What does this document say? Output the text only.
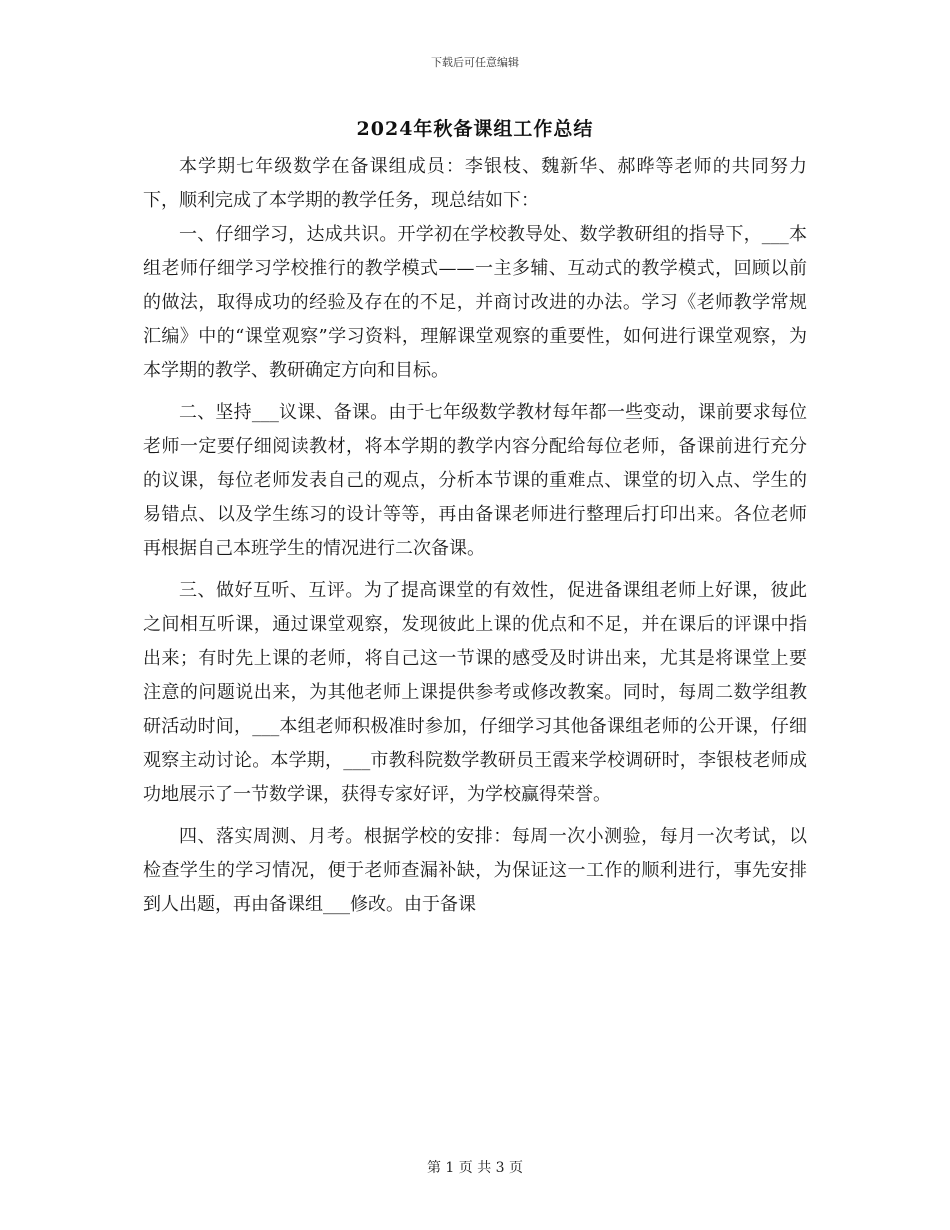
下载后可任意编辑
2024年秋备课组工作总结

本学期七年级数学在备课组成员：李银枝、魏新华、郝晔等老师的共同努力下，顺利完成了本学期的教学任务，现总结如下：

一、仔细学习，达成共识。开学初在学校教导处、数学教研组的指导下，___本组老师仔细学习学校推行的教学模式——一主多辅、互动式的教学模式，回顾以前的做法，取得成功的经验及存在的不足，并商讨改进的办法。学习《老师教学常规汇编》中的“课堂观察”学习资料，理解课堂观察的重要性，如何进行课堂观察，为本学期的教学、教研确定方向和目标。

二、坚持___议课、备课。由于七年级数学教材每年都一些变动，课前要求每位老师一定要仔细阅读教材，将本学期的教学内容分配给每位老师，备课前进行充分的议课，每位老师发表自己的观点，分析本节课的重难点、课堂的切入点、学生的易错点、以及学生练习的设计等等，再由备课老师进行整理后打印出来。各位老师再根据自己本班学生的情况进行二次备课。

三、做好互听、互评。为了提高课堂的有效性，促进备课组老师上好课，彼此之间相互听课，通过课堂观察，发现彼此上课的优点和不足，并在课后的评课中指出来；有时先上课的老师，将自己这一节课的感受及时讲出来，尤其是将课堂上要注意的问题说出来，为其他老师上课提供参考或修改教案。同时，每周二数学组教研活动时间，___本组老师积极准时参加，仔细学习其他备课组老师的公开课，仔细观察主动讨论。本学期，___市教科院数学教研员王霞来学校调研时，李银枝老师成功地展示了一节数学课，获得专家好评，为学校赢得荣誉。

四、落实周测、月考。根据学校的安排：每周一次小测验，每月一次考试，以检查学生的学习情况，便于老师查漏补缺，为保证这一工作的顺利进行，事先安排到人出题，再由备课组___修改。由于备课

第 1 页 共 3 页
